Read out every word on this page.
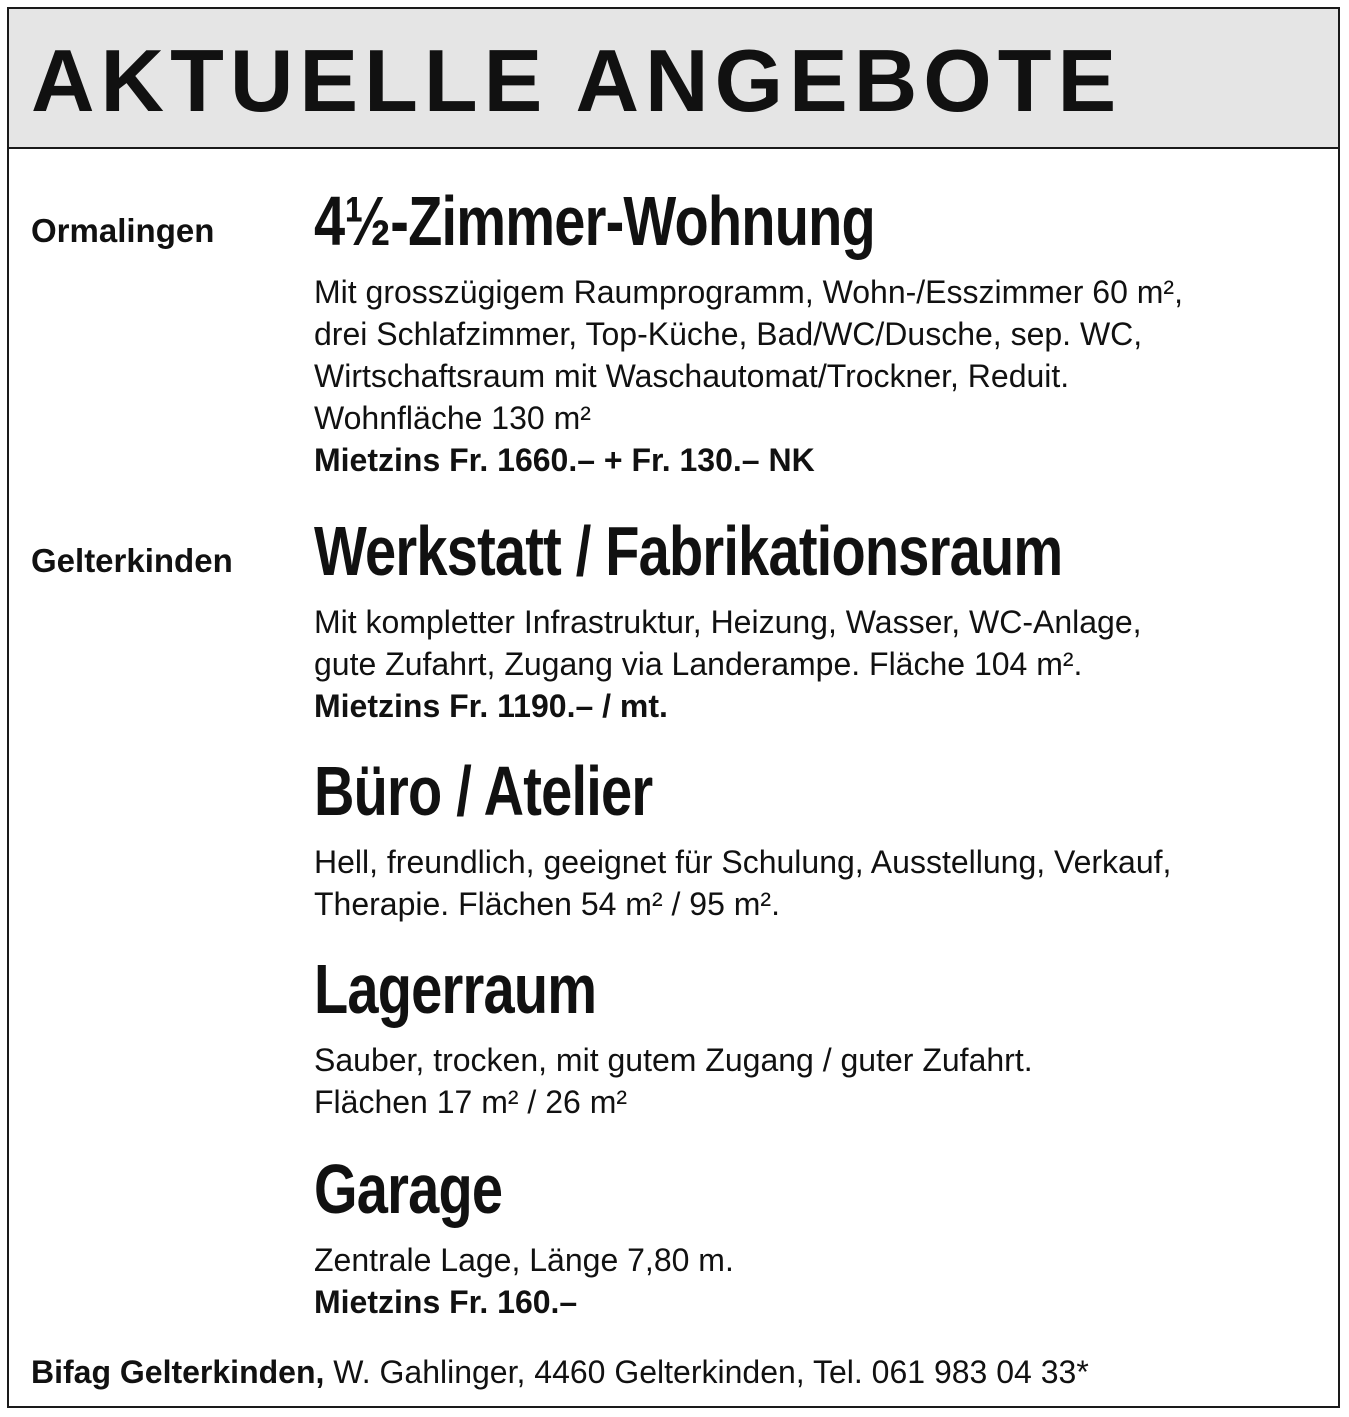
AKTUELLE ANGEBOTE
Ormalingen
Gelterkinden
4½-Zimmer-Wohnung
Mit grosszügigem Raumprogramm, Wohn-/Esszimmer 60 m²,
drei Schlafzimmer, Top-Küche, Bad/WC/Dusche, sep. WC,
Wirtschaftsraum mit Waschautomat/Trockner, Reduit.
Wohnfläche 130 m²
Mietzins Fr. 1660.– + Fr. 130.– NK
Werkstatt / Fabrikationsraum
Mit kompletter Infrastruktur, Heizung, Wasser, WC-Anlage,
gute Zufahrt, Zugang via Landerampe. Fläche 104 m².
Mietzins Fr. 1190.– / mt.
Büro / Atelier
Hell, freundlich, geeignet für Schulung, Ausstellung, Verkauf,
Therapie. Flächen 54 m² / 95 m².
Lagerraum
Sauber, trocken, mit gutem Zugang / guter Zufahrt.
Flächen 17 m² / 26 m²
Garage
Zentrale Lage, Länge 7,80 m.
Mietzins Fr. 160.–
Bifag Gelterkinden, W. Gahlinger, 4460 Gelterkinden, Tel. 061 983 04 33*
